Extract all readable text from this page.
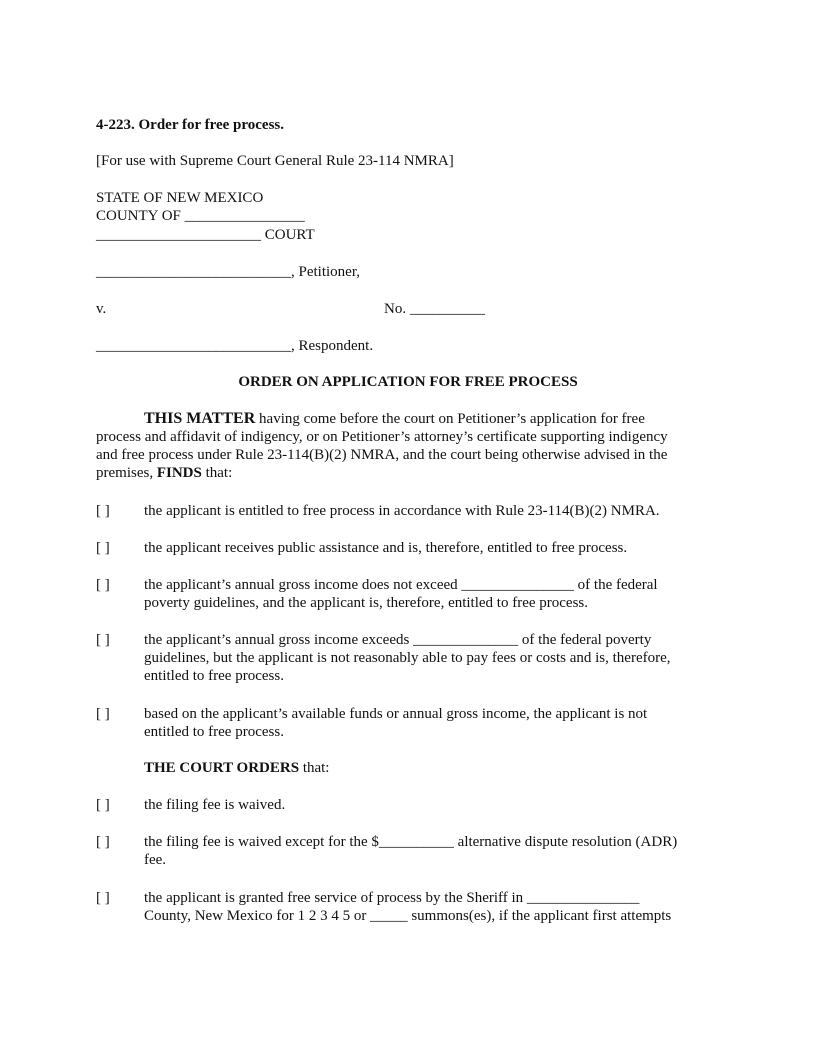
4-223. Order for free process.
[For use with Supreme Court General Rule 23-114 NMRA]
STATE OF NEW MEXICO
COUNTY OF ________________
______________________ COURT
__________________________, Petitioner,
v.	No. __________
__________________________, Respondent.
ORDER ON APPLICATION FOR FREE PROCESS
THIS MATTER having come before the court on Petitioner’s application for free
process and affidavit of indigency, or on Petitioner’s attorney’s certificate supporting indigency
and free process under Rule 23-114(B)(2) NMRA, and the court being otherwise advised in the
premises, FINDS that:
[ ] the applicant is entitled to free process in accordance with Rule 23-114(B)(2) NMRA.
[ ] the applicant receives public assistance and is, therefore, entitled to free process.
[ ] the applicant’s annual gross income does not exceed _______________ of the federal
poverty guidelines, and the applicant is, therefore, entitled to free process.
[ ] the applicant’s annual gross income exceeds ______________ of the federal poverty
guidelines, but the applicant is not reasonably able to pay fees or costs and is, therefore,
entitled to free process.
[ ] based on the applicant’s available funds or annual gross income, the applicant is not
entitled to free process.
THE COURT ORDERS that:
[ ] the filing fee is waived.
[ ] the filing fee is waived except for the $__________ alternative dispute resolution (ADR)
fee.
[ ] the applicant is granted free service of process by the Sheriff in _______________
County, New Mexico for 1 2 3 4 5 or _____ summons(es), if the applicant first attempts
